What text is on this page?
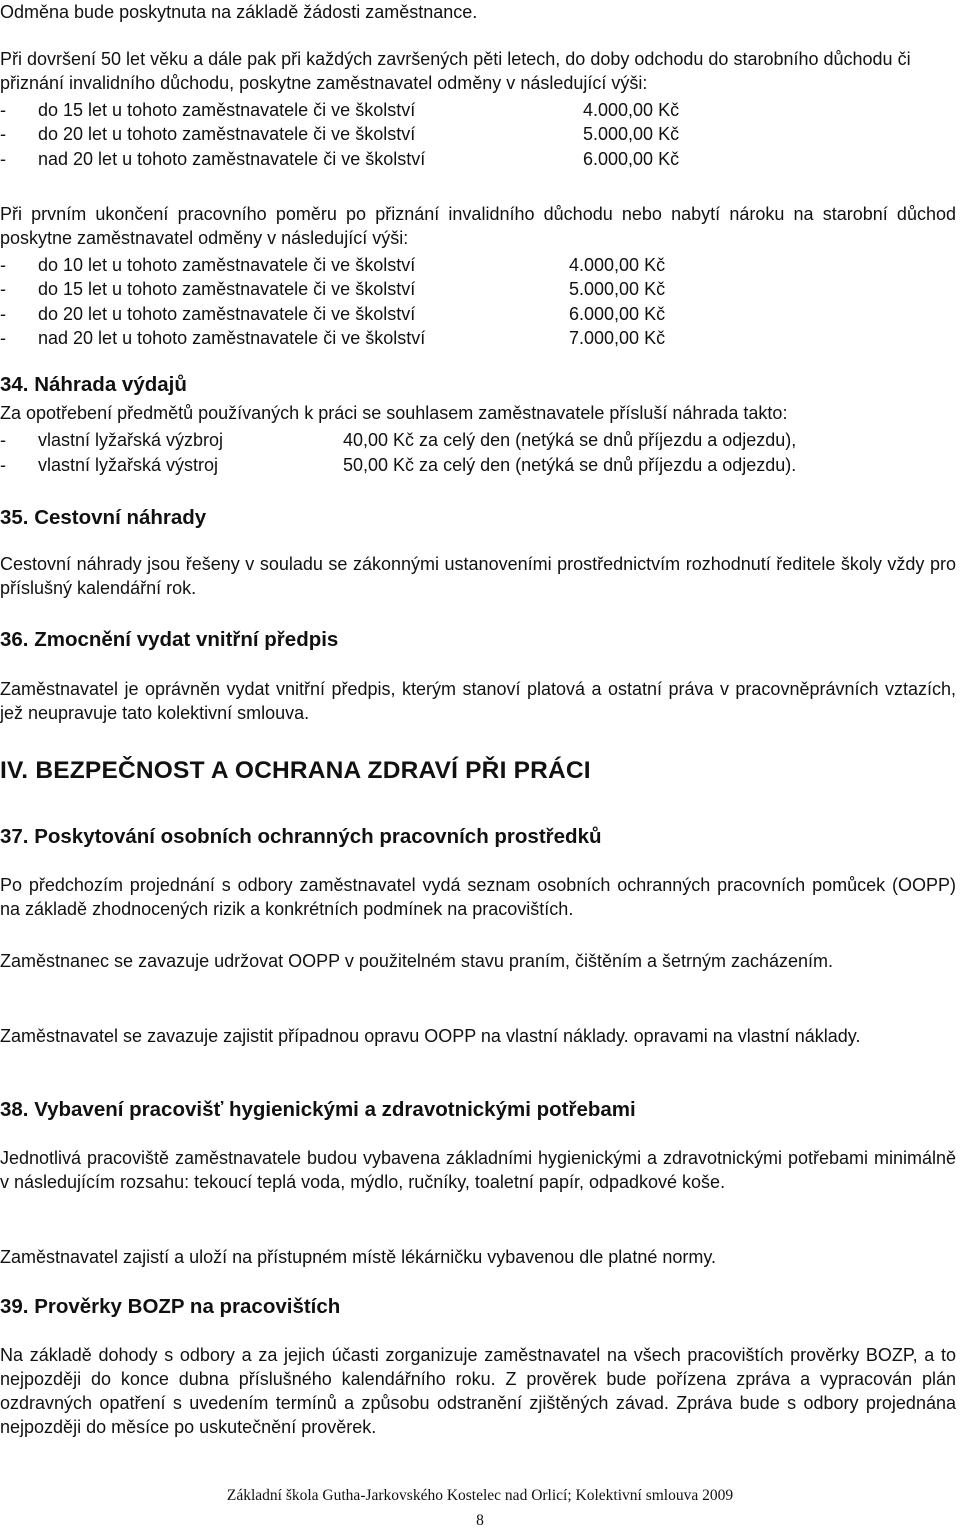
Odměna bude poskytnuta na základě žádosti zaměstnance.

Při dovršení 50 let věku a dále pak při každých završených pěti letech, do doby odchodu do starobního důchodu či přiznání invalidního důchodu, poskytne zaměstnavatel odměny v následující výši:

- do 15 let u tohoto zaměstnavatele či ve školství	4.000,00 Kč
- do 20 let u tohoto zaměstnavatele či ve školství	5.000,00 Kč
- nad 20 let u tohoto zaměstnavatele či ve školství	6.000,00 Kč

Při prvním ukončení pracovního poměru po přiznání invalidního důchodu nebo nabytí nároku na starobní důchod poskytne zaměstnavatel odměny v následující výši:

- do 10 let u tohoto zaměstnavatele či ve školství	4.000,00 Kč
- do 15 let u tohoto zaměstnavatele či ve školství	5.000,00 Kč
- do 20 let u tohoto zaměstnavatele či ve školství	6.000,00 Kč
- nad 20 let u tohoto zaměstnavatele či ve školství	7.000,00 Kč
34. Náhrada výdajů

Za opotřebení předmětů používaných k práci se souhlasem zaměstnavatele přísluší náhrada takto:

- vlastní lyžařská výzbroj	40,00 Kč za celý den (netýká se dnů příjezdu a odjezdu),
- vlastní lyžařská výstroj	50,00 Kč za celý den (netýká se dnů příjezdu a odjezdu).
35. Cestovní náhrady

Cestovní náhrady jsou řešeny v souladu se zákonnými ustanoveními prostřednictvím rozhodnutí ředitele školy vždy pro příslušný kalendářní rok.

36. Zmocnění vydat vnitřní předpis

Zaměstnavatel je oprávněn vydat vnitřní předpis, kterým stanoví platová a ostatní práva v pracovněprávních vztazích, jež neupravuje tato kolektivní smlouva.

IV. BEZPEČNOST A OCHRANA ZDRAVÍ PŘI PRÁCI
37. Poskytování osobních ochranných pracovních prostředků

Po předchozím projednání s odbory zaměstnavatel vydá seznam osobních ochranných pracovních pomůcek (OOPP) na základě zhodnocených rizik a konkrétních podmínek na pracovištích.

Zaměstnanec se zavazuje udržovat OOPP v použitelném stavu praním, čištěním a šetrným zacházením.

Zaměstnavatel se zavazuje zajistit případnou opravu OOPP na vlastní náklady. opravami na vlastní náklady.

38. Vybavení pracovišť hygienickými a zdravotnickými potřebami

Jednotlivá pracoviště zaměstnavatele budou vybavena základními hygienickými a zdravotnickými potřebami minimálně v následujícím rozsahu: tekoucí teplá voda, mýdlo, ručníky, toaletní papír, odpadkové koše.

Zaměstnavatel zajistí a uloží na přístupném místě lékárničku vybavenou dle platné normy.

39. Prověrky BOZP na pracovištích

Na základě dohody s odbory a za jejich účasti zorganizuje zaměstnavatel na všech pracovištích prověrky BOZP, a to nejpozději do konce dubna příslušného kalendářního roku. Z prověrek bude pořízena zpráva a vypracován plán ozdravných opatření s uvedením termínů a způsobu odstranění zjištěných závad. Zpráva bude s odbory projednána nejpozději do měsíce po uskutečnění prověrek.

Základní škola Gutha-Jarkovského Kostelec nad Orlicí; Kolektivní smlouva 2009
8
